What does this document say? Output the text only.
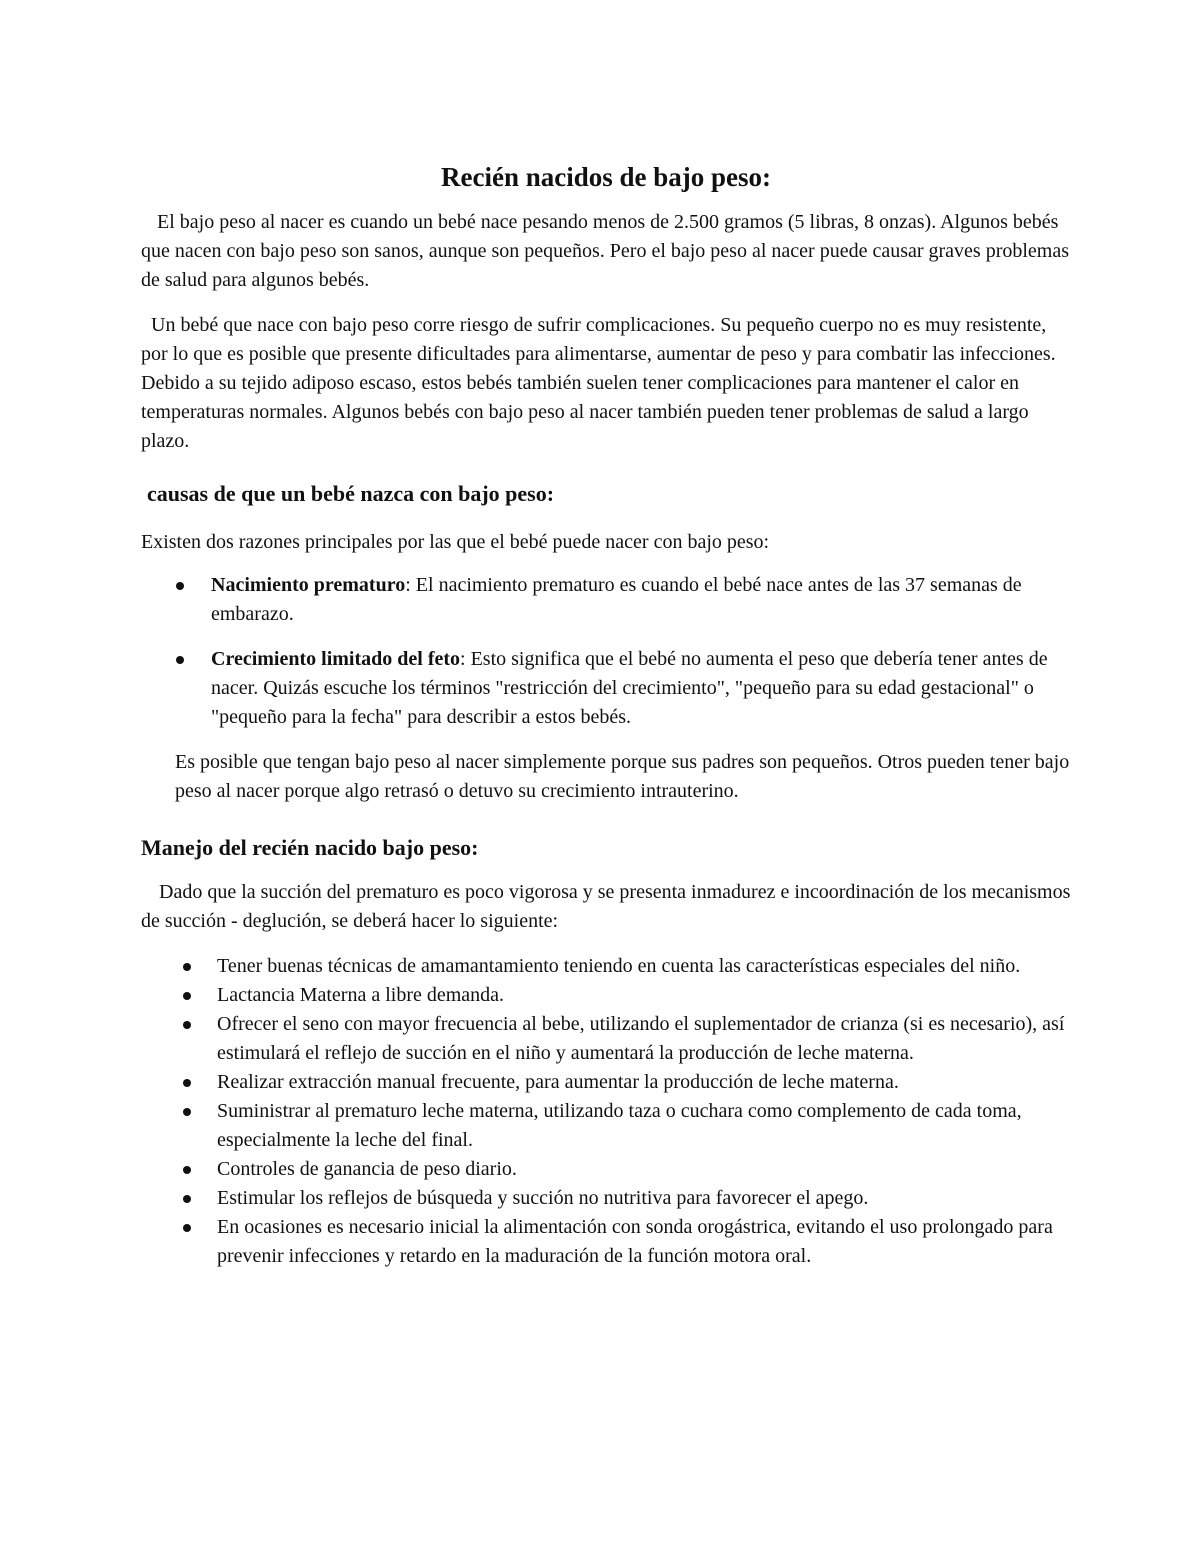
Recién nacidos de bajo peso:

El bajo peso al nacer es cuando un bebé nace pesando menos de 2.500 gramos (5 libras, 8 onzas). Algunos bebés que nacen con bajo peso son sanos, aunque son pequeños. Pero el bajo peso al nacer puede causar graves problemas de salud para algunos bebés.

Un bebé que nace con bajo peso corre riesgo de sufrir complicaciones. Su pequeño cuerpo no es muy resistente, por lo que es posible que presente dificultades para alimentarse, aumentar de peso y para combatir las infecciones. Debido a su tejido adiposo escaso, estos bebés también suelen tener complicaciones para mantener el calor en temperaturas normales. Algunos bebés con bajo peso al nacer también pueden tener problemas de salud a largo plazo.

causas de que un bebé nazca con bajo peso:

Existen dos razones principales por las que el bebé puede nacer con bajo peso:

Nacimiento prematuro: El nacimiento prematuro es cuando el bebé nace antes de las 37 semanas de embarazo.
Crecimiento limitado del feto: Esto significa que el bebé no aumenta el peso que debería tener antes de nacer. Quizás escuche los términos "restricción del crecimiento", "pequeño para su edad gestacional" o "pequeño para la fecha" para describir a estos bebés.

Es posible que tengan bajo peso al nacer simplemente porque sus padres son pequeños. Otros pueden tener bajo peso al nacer porque algo retrasó o detuvo su crecimiento intrauterino.

Manejo del recién nacido bajo peso:

Dado que la succión del prematuro es poco vigorosa y se presenta inmadurez e incoordinación de los mecanismos de succión - deglución, se deberá hacer lo siguiente:

Tener buenas técnicas de amamantamiento teniendo en cuenta las características especiales del niño.
Lactancia Materna a libre demanda.
Ofrecer el seno con mayor frecuencia al bebe, utilizando el suplementador de crianza (si es necesario), así estimulará el reflejo de succión en el niño y aumentará la producción de leche materna.
Realizar extracción manual frecuente, para aumentar la producción de leche materna.
Suministrar al prematuro leche materna, utilizando taza o cuchara como complemento de cada toma, especialmente la leche del final.
Controles de ganancia de peso diario.
Estimular los reflejos de búsqueda y succión no nutritiva para favorecer el apego.
En ocasiones es necesario inicial la alimentación con sonda orogástrica, evitando el uso prolongado para prevenir infecciones y retardo en la maduración de la función motora oral.
